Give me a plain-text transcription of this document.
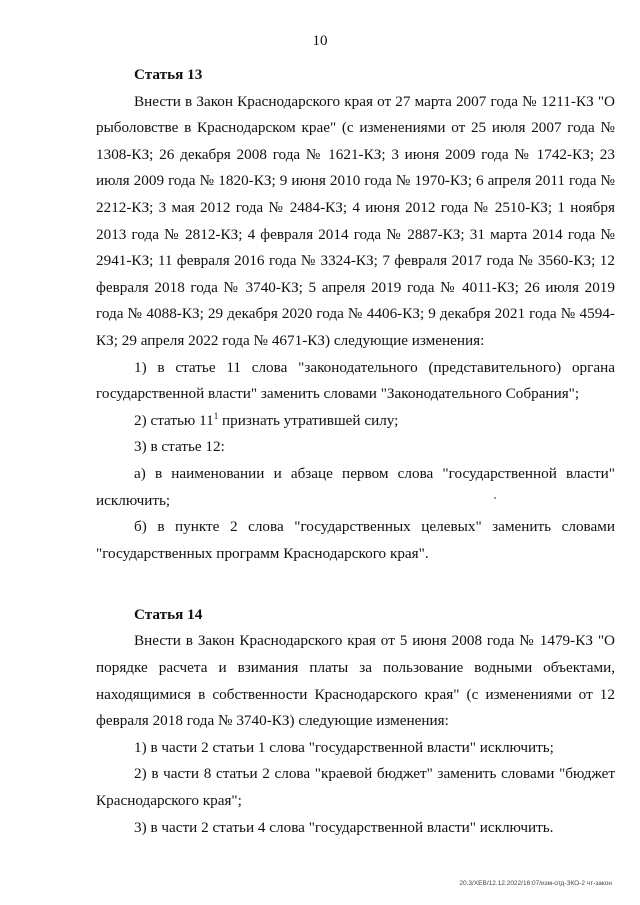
10
Статья 13

Внести в Закон Краснодарского края от 27 марта 2007 года № 1211-КЗ "О рыболовстве в Краснодарском крае" (с изменениями от 25 июля 2007 года № 1308-КЗ; 26 декабря 2008 года № 1621-КЗ; 3 июня 2009 года № 1742-КЗ; 23 июля 2009 года № 1820-КЗ; 9 июня 2010 года № 1970-КЗ; 6 апреля 2011 года № 2212-КЗ; 3 мая 2012 года № 2484-КЗ; 4 июня 2012 года № 2510-КЗ; 1 ноября 2013 года № 2812-КЗ; 4 февраля 2014 года № 2887-КЗ; 31 марта 2014 года № 2941-КЗ; 11 февраля 2016 года № 3324-КЗ; 7 февраля 2017 года № 3560-КЗ; 12 февраля 2018 года № 3740-КЗ; 5 апреля 2019 года № 4011-КЗ; 26 июля 2019 года № 4088-КЗ; 29 декабря 2020 года № 4406-КЗ; 9 декабря 2021 года № 4594-КЗ; 29 апреля 2022 года № 4671-КЗ) следующие изменения:

1) в статье 11 слова "законодательного (представительного) органа государственной власти" заменить словами "Законодательного Собрания";

2) статью $11^1$ признать утратившей силу;

3) в статье 12:

а) в наименовании и абзаце первом слова "государственной власти" исключить;

б) в пункте 2 слова "государственных целевых" заменить словами "государственных программ Краснодарского края".

Статья 14

Внести в Закон Краснодарского края от 5 июня 2008 года № 1479-КЗ "О порядке расчета и взимания платы за пользование водными объектами, находящимися в собственности Краснодарского края" (с изменениями от 12 февраля 2018 года № 3740-КЗ) следующие изменения:

1) в части 2 статьи 1 слова "государственной власти" исключить;

2) в части 8 статьи 2 слова "краевой бюджет" заменить словами "бюджет Краснодарского края";

3) в части 2 статьи 4 слова "государственной власти" исключить.

20.3/ХЕВ/12.12.2022/16:07/изм-отд-ЗКО-2 чт-закон
